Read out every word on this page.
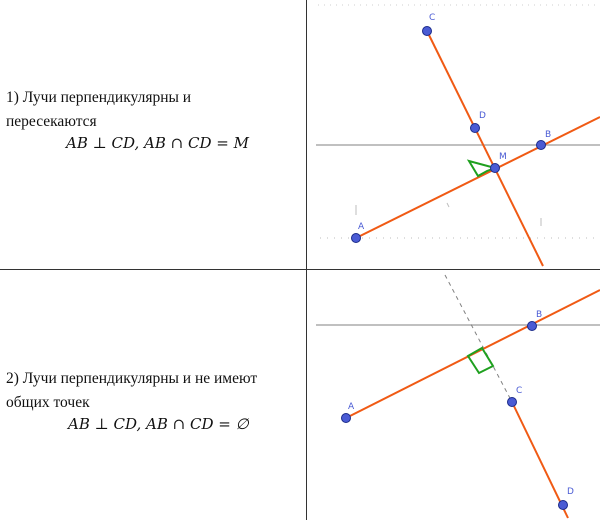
1) Лучи перпендикулярны и
пересекаются
AB ⊥ CD, AB ∩ CD = M
2) Лучи перпендикулярны и не имеют
общих точек
AB ⊥ CD, AB ∩ CD = ∅
A
B
C
D
M
A
B
C
D
